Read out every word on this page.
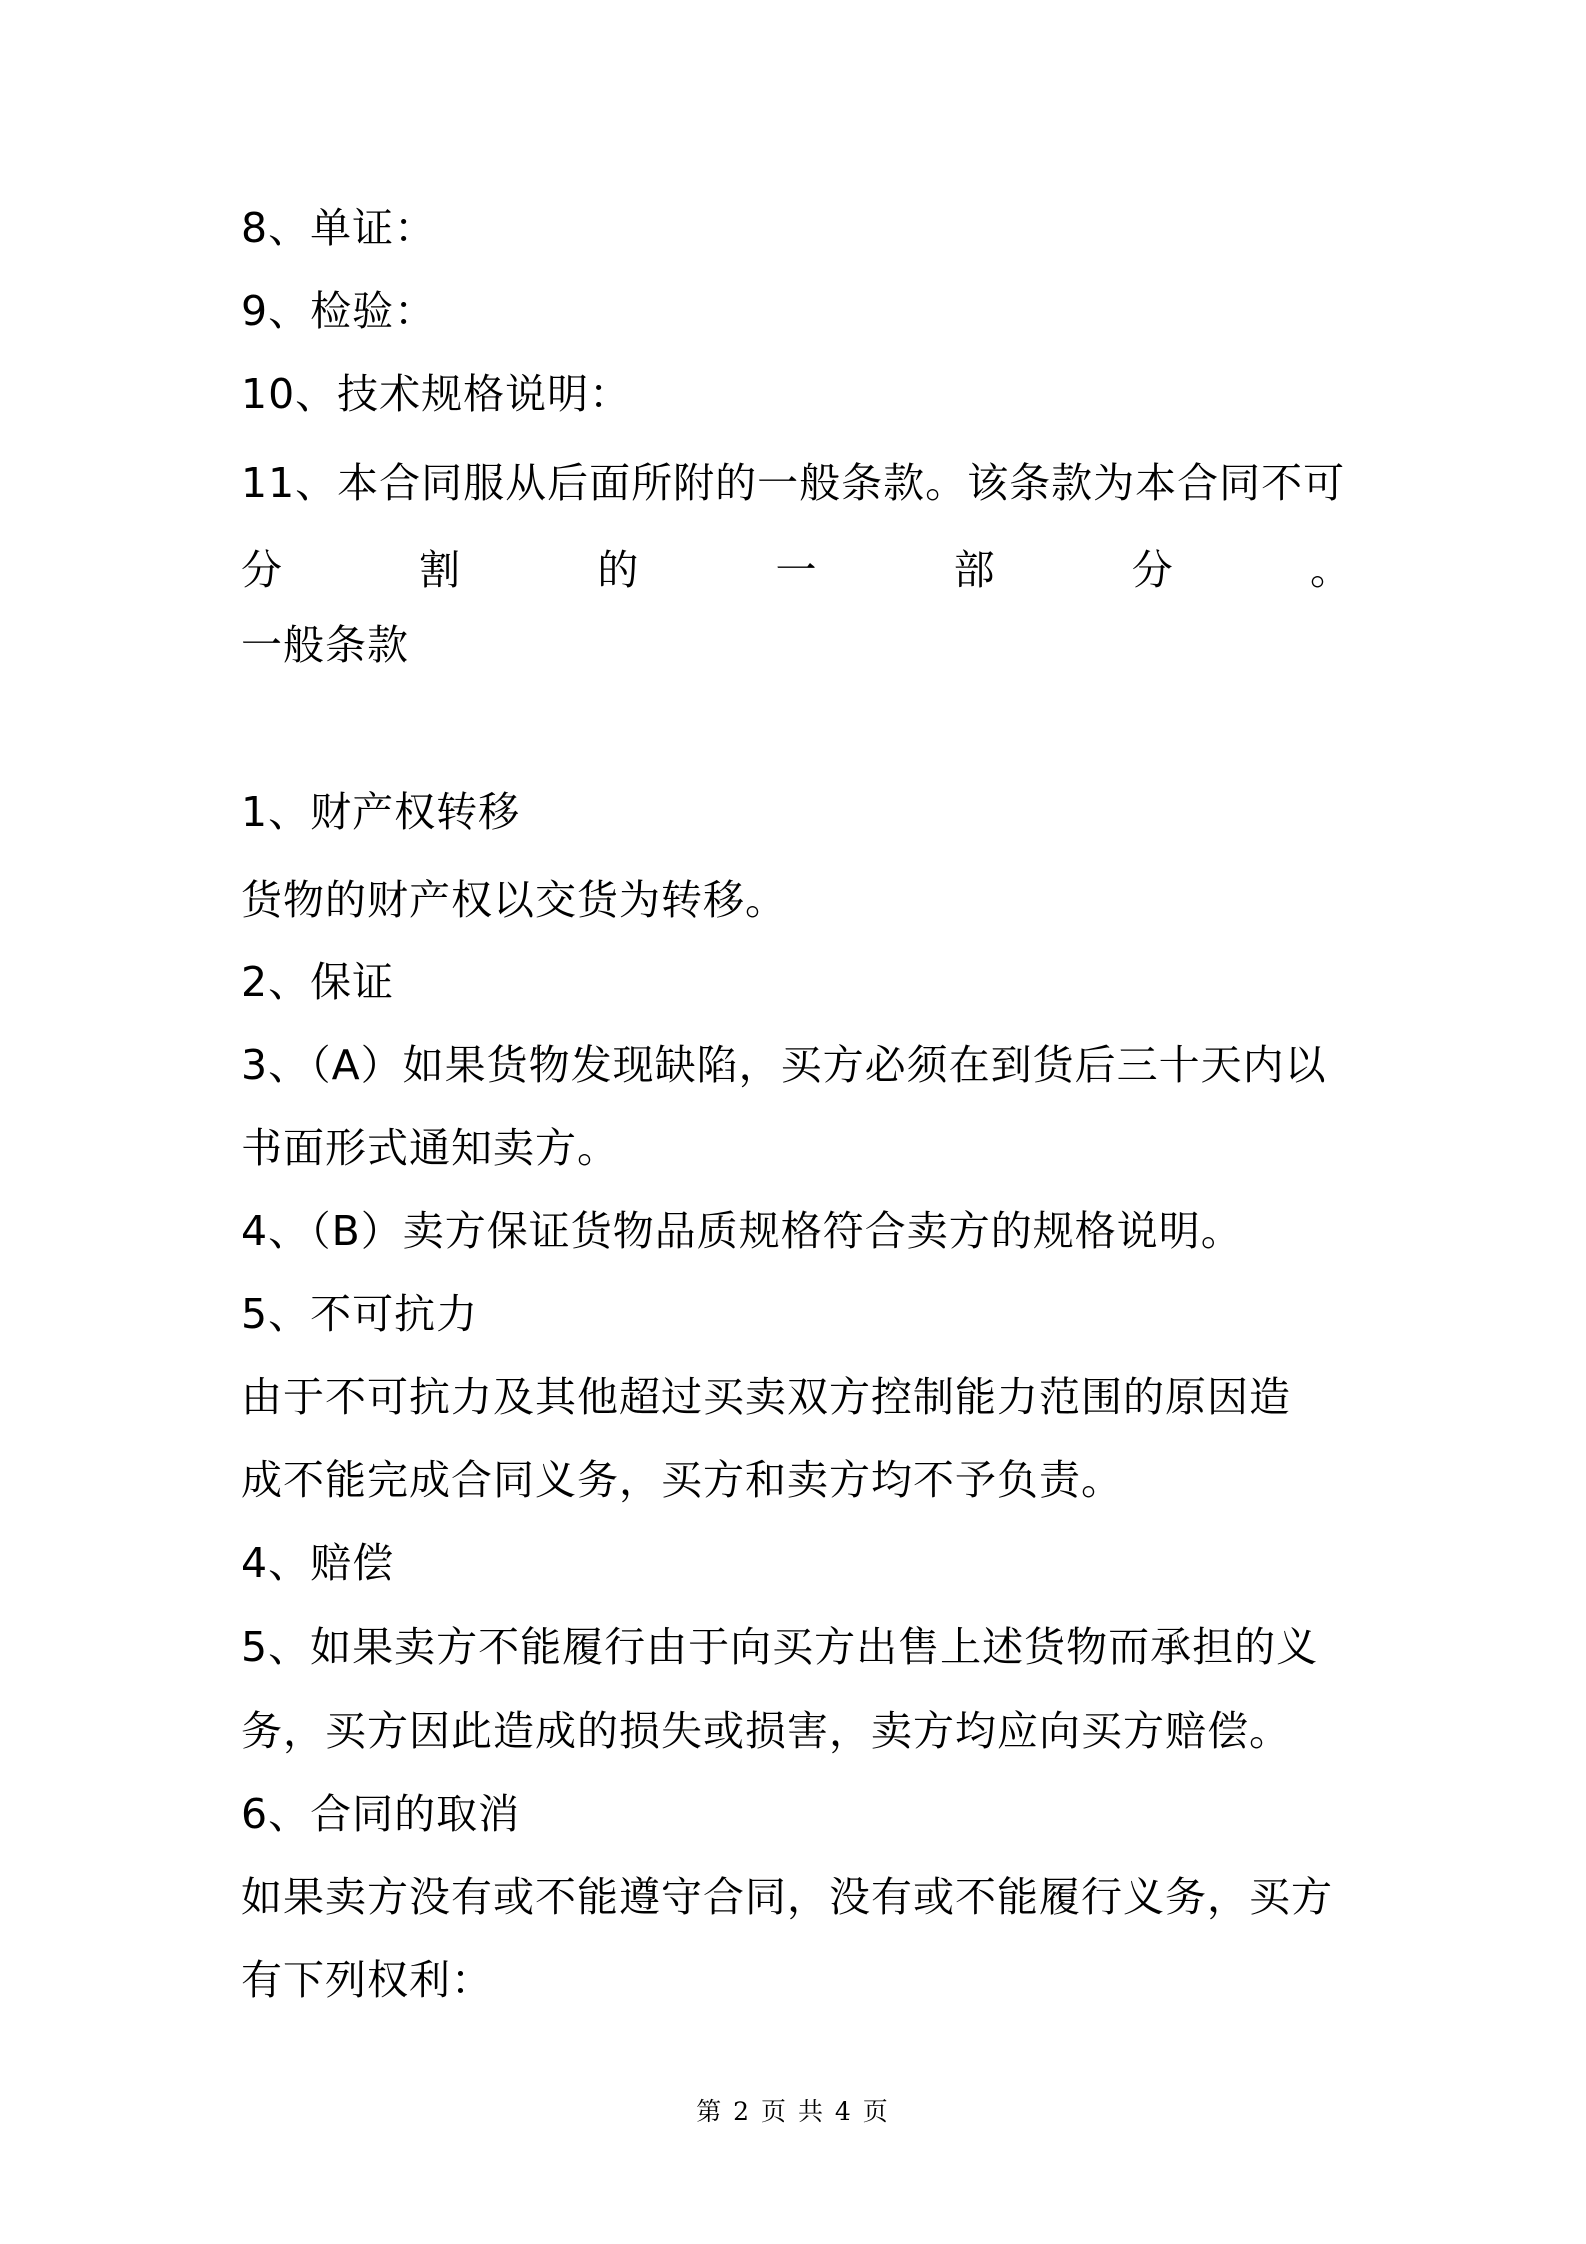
8、单证：
9、检验：
10、技术规格说明：
11、本合同服从后面所附的一般条款。该条款为本合同不可
分	割	的	一	部	分	。
一般条款
1、财产权转移
货物的财产权以交货为转移。
2、保证
3、（A）如果货物发现缺陷，买方必须在到货后三十天内以
书面形式通知卖方。
4、（B）卖方保证货物品质规格符合卖方的规格说明。
5、不可抗力
由于不可抗力及其他超过买卖双方控制能力范围的原因造
成不能完成合同义务，买方和卖方均不予负责。
4、赔偿
5、如果卖方不能履行由于向买方出售上述货物而承担的义
务，买方因此造成的损失或损害，卖方均应向买方赔偿。
6、合同的取消
如果卖方没有或不能遵守合同，没有或不能履行义务，买方
有下列权利：
第 2 页 共 4 页
